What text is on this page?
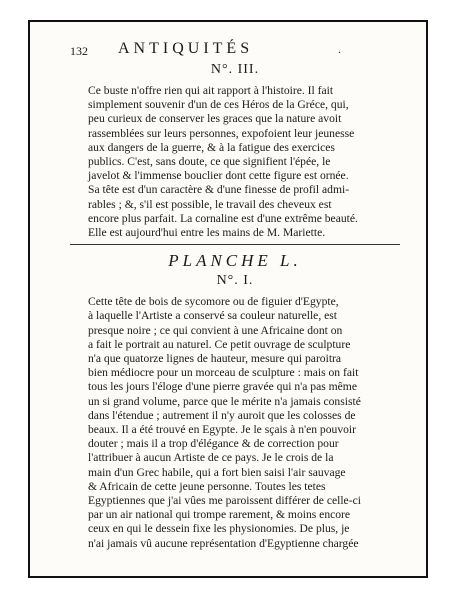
132 ANTIQUITÉS	.
N°. III.

Ce buste n'offre rien qui ait rapport à l'histoire. Il fait
simplement souvenir d'un de ces Héros de la Gréce, qui,
peu curieux de conserver les graces que la nature avoit
rassemblées sur leurs personnes, expofoient leur jeunesse
aux dangers de la guerre, & à la fatigue des exercices
publics. C'est, sans doute, ce que signifient l'épée, le
javelot & l'immense bouclier dont cette figure est ornée.
Sa tête est d'un caractère & d'une finesse de profil admi-
rables ; &, s'il est possible, le travail des cheveux est
encore plus parfait. La cornaline est d'une extrême beauté.
Elle est aujourd'hui entre les mains de M. Mariette.

PLANCHE L.
N°. I.

Cette tête de bois de sycomore ou de figuier d'Egypte,
à laquelle l'Artiste a conservé sa couleur naturelle, est
presque noire ; ce qui convient à une Africaine dont on
a fait le portrait au naturel. Ce petit ouvrage de sculpture
n'a que quatorze lignes de hauteur, mesure qui paroitra
bien médiocre pour un morceau de sculpture : mais on fait
tous les jours l'éloge d'une pierre gravée qui n'a pas même
un si grand volume, parce que le mérite n'a jamais consisté
dans l'étendue ; autrement il n'y auroit que les colosses de
beaux. Il a été trouvé en Egypte. Je le sçais à n'en pouvoir
douter ; mais il a trop d'élégance & de correction pour
l'attribuer à aucun Artiste de ce pays. Je le crois de la
main d'un Grec habile, qui a fort bien saisi l'air sauvage
& Africain de cette jeune personne. Toutes les tetes
Egyptiennes que j'ai vûes me paroissent différer de celle-ci
par un air national qui trompe rarement, & moins encore
ceux en qui le dessein fixe les physionomies. De plus, je
n'ai jamais vû aucune représentation d'Egyptienne chargée
